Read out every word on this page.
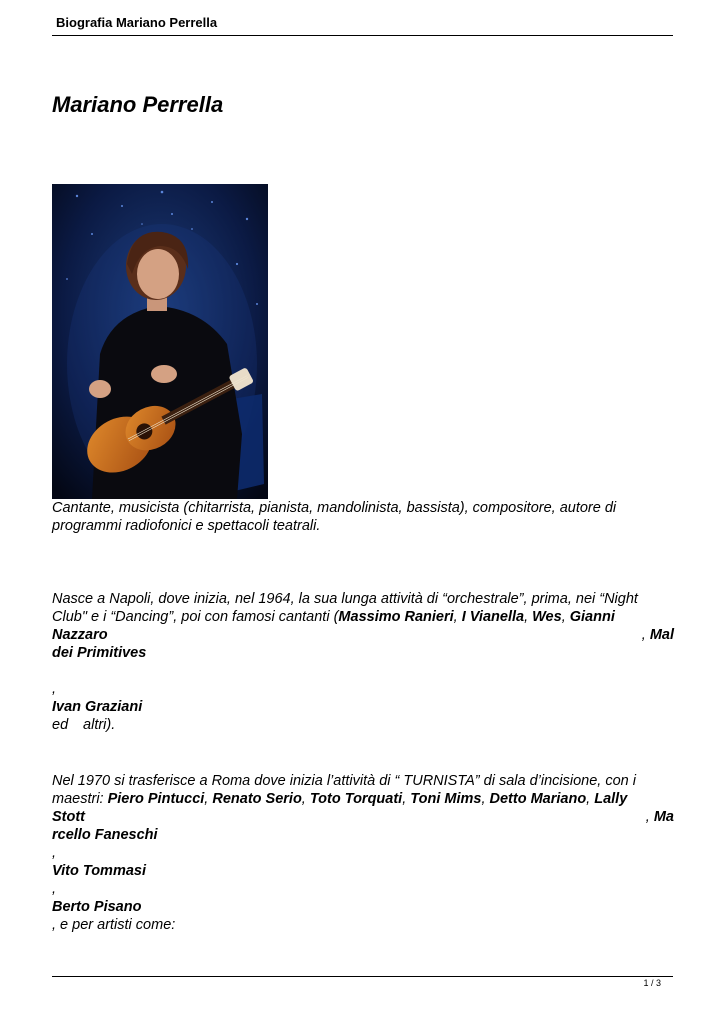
Biografia Mariano Perrella
Mariano Perrella
Cantante, musicista (chitarrista, pianista, mandolinista, bassista), compositore, autore di
programmi radiofonici e spettacoli teatrali.
Nasce a Napoli, dove inizia, nel 1964, la sua lunga attività di “orchestrale”, prima, nei “Night
Club" e i “Dancing”, poi con famosi cantanti (Massimo Ranieri, I Vianella, Wes, Gianni
Nazzaro	, Mal
dei Primitives
,
Ivan Graziani
ed  altri).
Nel 1970 si trasferisce a Roma dove inizia l’attività di “ TURNISTA” di sala d’incisione, con i
maestri: Piero Pintucci, Renato Serio, Toto Torquati, Toni Mims, Detto Mariano, Lally
Stott	, Ma
rcello Faneschi
,
Vito Tommasi
,
Berto Pisano
, e per artisti come:
1 / 3
